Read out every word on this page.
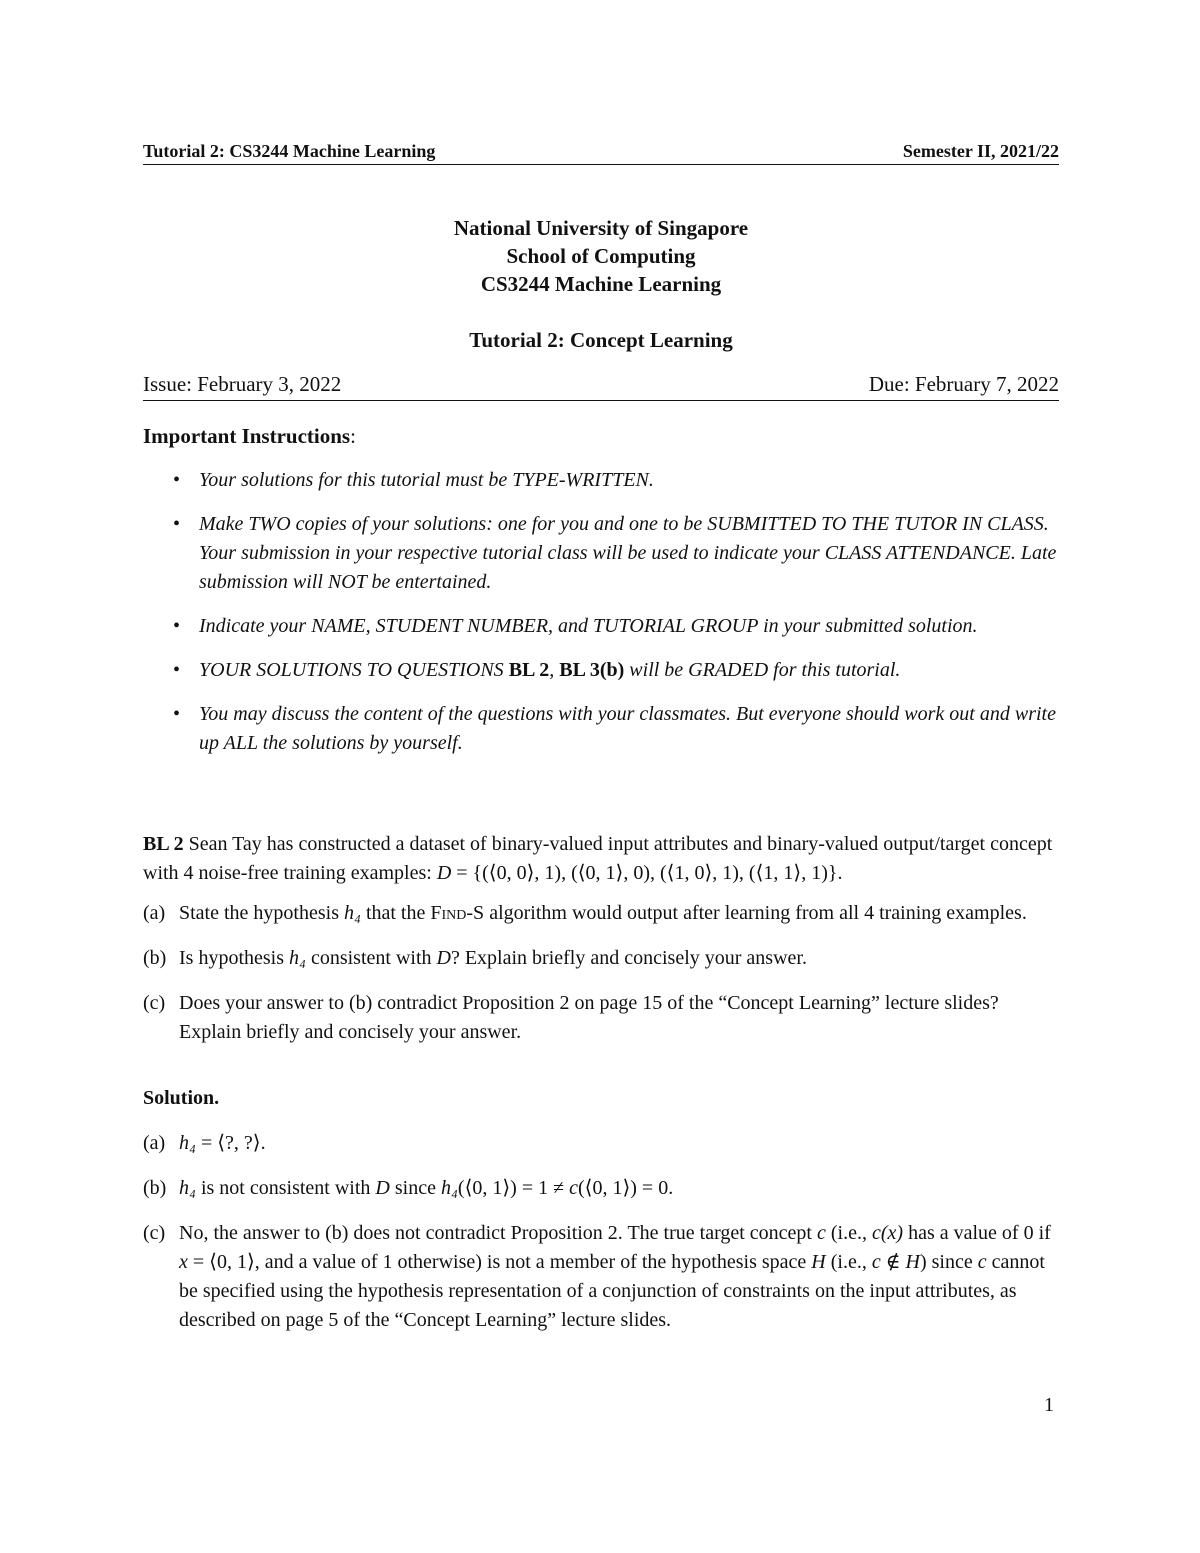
Tutorial 2: CS3244 Machine Learning	Semester II, 2021/22
National University of Singapore
School of Computing
CS3244 Machine Learning
Tutorial 2: Concept Learning
Issue: February 3, 2022	Due: February 7, 2022
Important Instructions:
• Your solutions for this tutorial must be TYPE-WRITTEN.
• Make TWO copies of your solutions: one for you and one to be SUBMITTED TO THE TUTOR IN CLASS. Your submission in your respective tutorial class will be used to indicate your CLASS ATTENDANCE. Late submission will NOT be entertained.
• Indicate your NAME, STUDENT NUMBER, and TUTORIAL GROUP in your submitted solution.
• YOUR SOLUTIONS TO QUESTIONS BL 2, BL 3(b) will be GRADED for this tutorial.
• You may discuss the content of the questions with your classmates. But everyone should work out and write up ALL the solutions by yourself.
BL 2 Sean Tay has constructed a dataset of binary-valued input attributes and binary-valued output/target concept with 4 noise-free training examples: D = {(⟨0, 0⟩, 1), (⟨0, 1⟩, 0), (⟨1, 0⟩, 1), (⟨1, 1⟩, 1)}.
(a) State the hypothesis h₄ that the Find-S algorithm would output after learning from all 4 training examples.
(b) Is hypothesis h₄ consistent with D? Explain briefly and concisely your answer.
(c) Does your answer to (b) contradict Proposition 2 on page 15 of the “Concept Learning” lecture slides? Explain briefly and concisely your answer.
Solution.
(a) h₄ = ⟨?, ?⟩.
(b) h₄ is not consistent with D since h₄(⟨0, 1⟩) = 1 ≠ c(⟨0, 1⟩) = 0.
(c) No, the answer to (b) does not contradict Proposition 2. The true target concept c (i.e., c(x) has a value of 0 if x = ⟨0, 1⟩, and a value of 1 otherwise) is not a member of the hypothesis space H (i.e., c ∉ H) since c cannot be specified using the hypothesis representation of a conjunction of constraints on the input attributes, as described on page 5 of the “Concept Learning” lecture slides.
1
